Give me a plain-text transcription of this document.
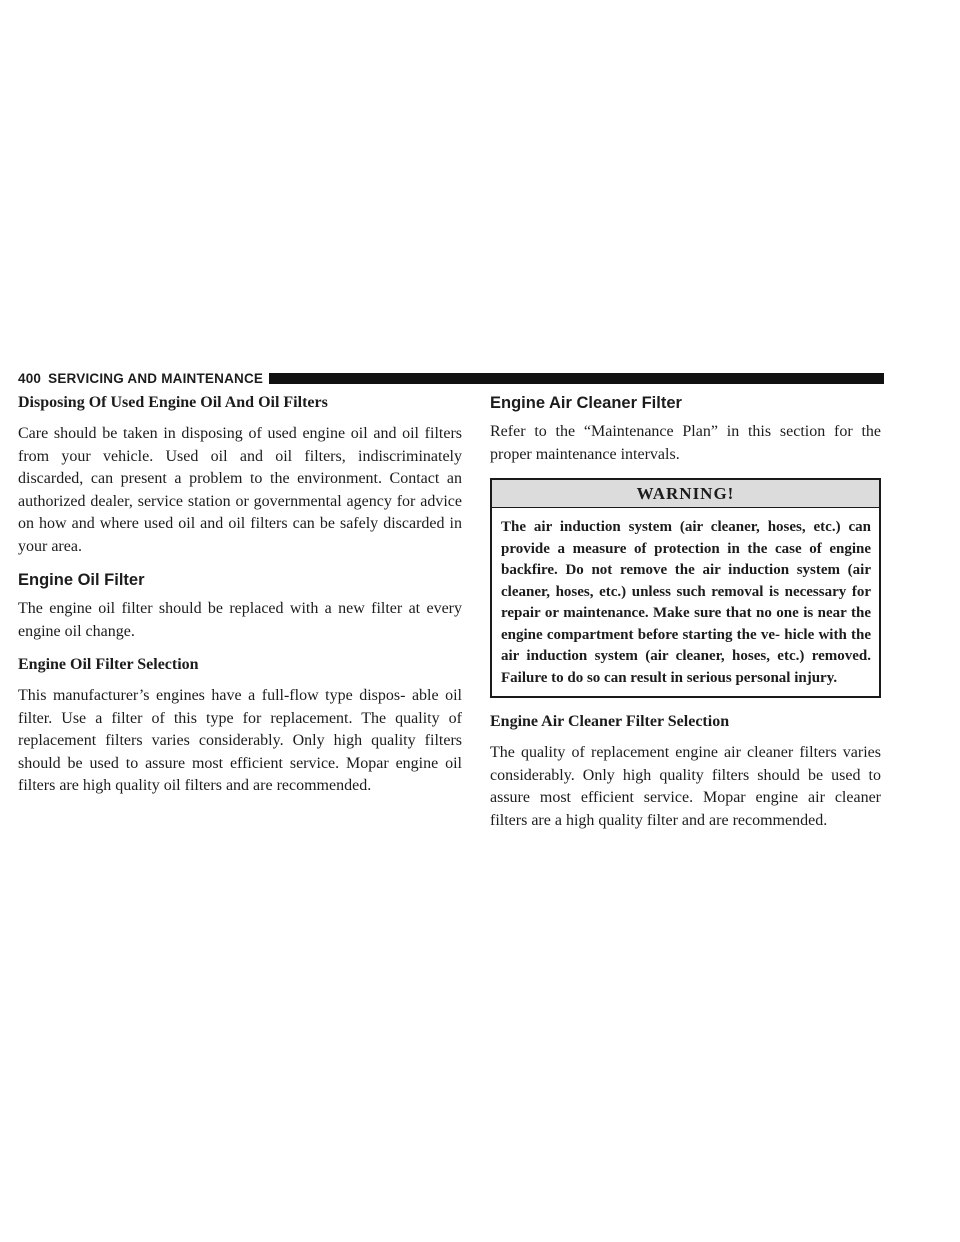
400 SERVICING AND MAINTENANCE
Disposing Of Used Engine Oil And Oil Filters

Care should be taken in disposing of used engine oil and oil filters from your vehicle. Used oil and oil filters, indiscriminately discarded, can present a problem to the environment. Contact an authorized dealer, service station or governmental agency for advice on how and where used oil and oil filters can be safely discarded in your area.

Engine Oil Filter

The engine oil filter should be replaced with a new filter at every engine oil change.

Engine Oil Filter Selection

This manufacturer’s engines have a full-flow type dispos- able oil filter. Use a filter of this type for replacement. The quality of replacement filters varies considerably. Only high quality filters should be used to assure most efficient service. Mopar engine oil filters are high quality oil filters and are recommended.

Engine Air Cleaner Filter

Refer to the “Maintenance Plan” in this section for the proper maintenance intervals.

WARNING!

The air induction system (air cleaner, hoses, etc.) can provide a measure of protection in the case of engine backfire. Do not remove the air induction system (air cleaner, hoses, etc.) unless such removal is necessary for repair or maintenance. Make sure that no one is near the engine compartment before starting the ve- hicle with the air induction system (air cleaner, hoses, etc.) removed. Failure to do so can result in serious personal injury.

Engine Air Cleaner Filter Selection

The quality of replacement engine air cleaner filters varies considerably. Only high quality filters should be used to assure most efficient service. Mopar engine air cleaner filters are a high quality filter and are recommended.
